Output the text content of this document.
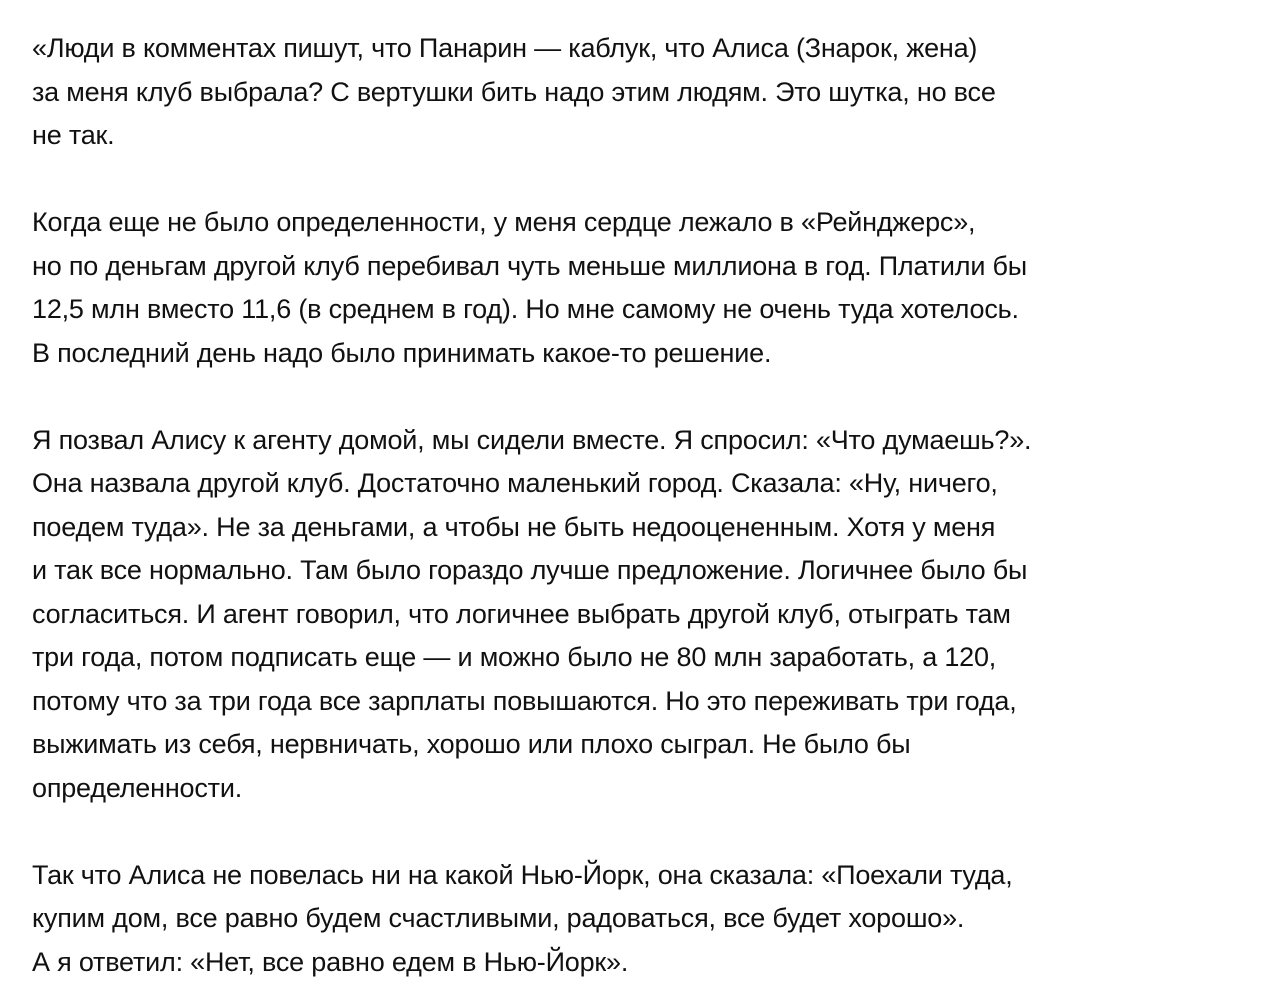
«Люди в комментах пишут, что Панарин — каблук, что Алиса (Знарок, жена)
за меня клуб выбрала? С вертушки бить надо этим людям. Это шутка, но все
не так.

Когда еще не было определенности, у меня сердце лежало в «Рейнджерс»,
но по деньгам другой клуб перебивал чуть меньше миллиона в год. Платили бы
12,5 млн вместо 11,6 (в среднем в год). Но мне самому не очень туда хотелось.
В последний день надо было принимать какое-то решение.

Я позвал Алису к агенту домой, мы сидели вместе. Я спросил: «Что думаешь?».
Она назвала другой клуб. Достаточно маленький город. Сказала: «Ну, ничего,
поедем туда». Не за деньгами, а чтобы не быть недооцененным. Хотя у меня
и так все нормально. Там было гораздо лучше предложение. Логичнее было бы
согласиться. И агент говорил, что логичнее выбрать другой клуб, отыграть там
три года, потом подписать еще — и можно было не 80 млн заработать, а 120,
потому что за три года все зарплаты повышаются. Но это переживать три года,
выжимать из себя, нервничать, хорошо или плохо сыграл. Не было бы
определенности.

Так что Алиса не повелась ни на какой Нью-Йорк, она сказала: «Поехали туда,
купим дом, все равно будем счастливыми, радоваться, все будет хорошо».
А я ответил: «Нет, все равно едем в Нью-Йорк».
